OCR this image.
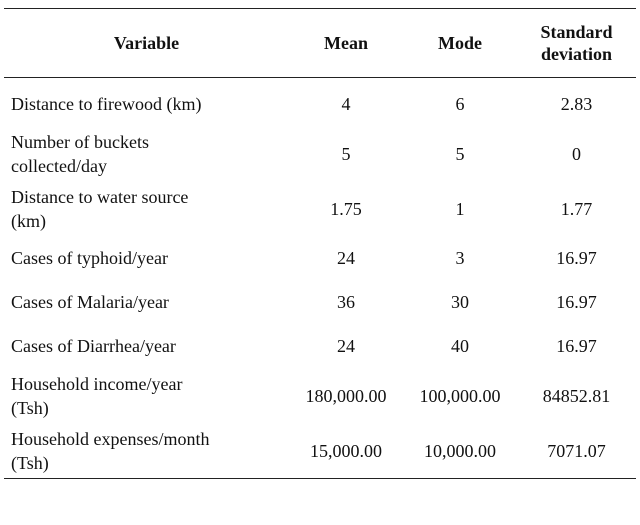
Variable	Mean	Mode	Standard
deviation
Distance to firewood (km)	4	6	2.83
Number of buckets
collected/day	5	5	0
Distance to water source
(km)	1.75	1	1.77
Cases of typhoid/year	24	3	16.97
Cases of Malaria/year	36	30	16.97
Cases of Diarrhea/year	24	40	16.97
Household income/year
(Tsh)	180,000.00	100,000.00	84852.81
Household expenses/month
(Tsh)	15,000.00	10,000.00	7071.07
